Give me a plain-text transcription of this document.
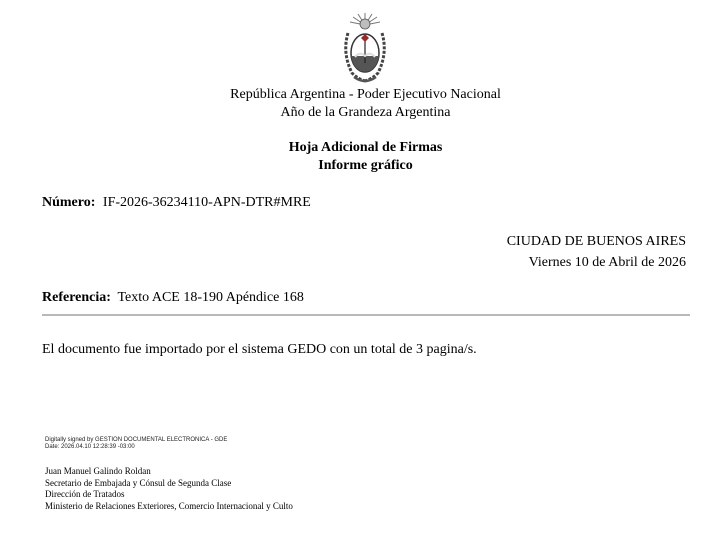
República Argentina - Poder Ejecutivo Nacional
Año de la Grandeza Argentina
Hoja Adicional de Firmas
Informe gráfico
Número: IF-2026-36234110-APN-DTR#MRE
CIUDAD DE BUENOS AIRES
Viernes 10 de Abril de 2026
Referencia: Texto ACE 18-190 Apéndice 168
El documento fue importado por el sistema GEDO con un total de 3 pagina/s.
Digitally signed by GESTION DOCUMENTAL ELECTRONICA - GDE
Date: 2026.04.10 12:28:39 -03:00
Juan Manuel Galindo Roldan
Secretario de Embajada y Cónsul de Segunda Clase
Dirección de Tratados
Ministerio de Relaciones Exteriores, Comercio Internacional y Culto
